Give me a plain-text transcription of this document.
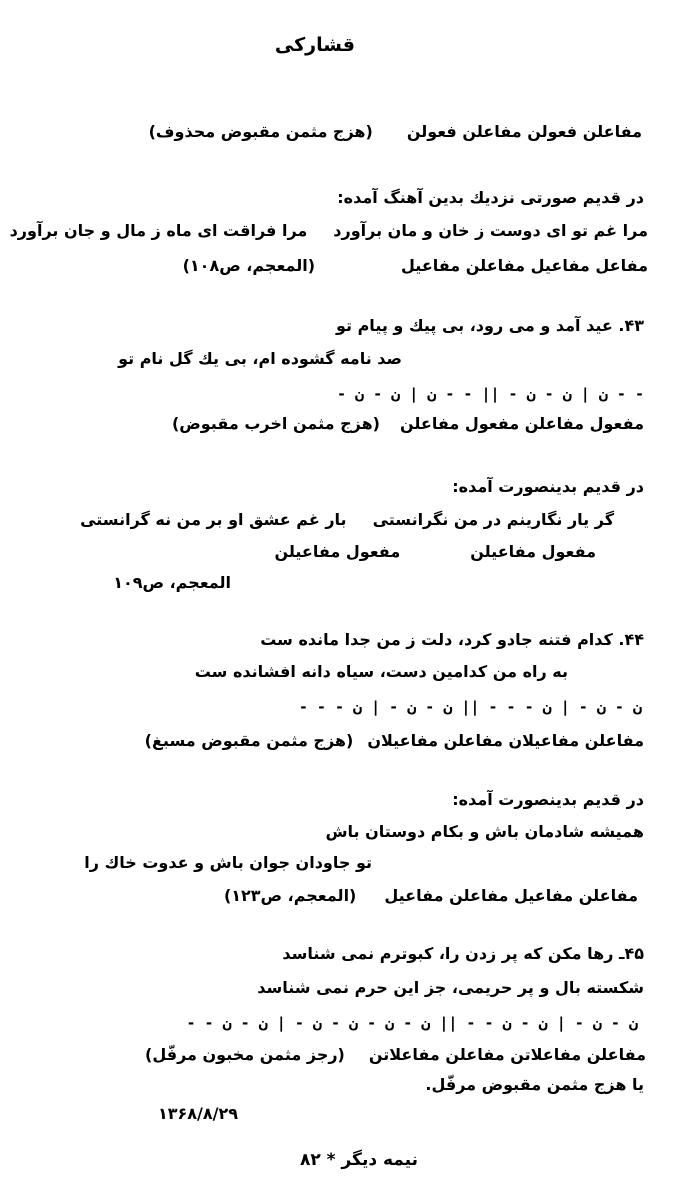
قشارکی
مفاعلن فعولن مفاعلن فعولن(هزج مثمن مقبوض محذوف)
در قدیم صورتی نزدیك بدین آهنگ آمده:
مرا غم تو ای دوست ز خان و مان برآوردمرا فراقت ای ماه ز مال و جان برآورد
مفاعل مفاعیل مفاعلن مفاعیل(المعجم، ص۱۰۸)
۴۳. عید آمد و می رود، بی پیك و پیام تو
صد نامه گشوده ام، بی یك گل نام تو
- - ن | ن - ن - || - - ن | ن - ن -
مفعول مفاعلن مفعول مفاعلن(هزج مثمن اخرب مقبوض)
در قدیم بدینصورت آمده:
گر یار نگارینم در من نگرانستیبار غم عشق او بر من نه گرانستی
مفعول مفاعیلنمفعول مفاعیلن
المعجم، ص۱۰۹
۴۴. کدام فتنه جادو کرد، دلت ز من جدا مانده ست
به راه من کدامین دست، سیاه دانه افشانده ست
ن - ن - | ن - - - || ن - ن - | ن - - -
مفاعلن مفاعیلان مفاعلن مفاعیلان(هزج مثمن مقبوض مسبغ)
در قدیم بدینصورت آمده:
همیشه شادمان باش و بکام دوستان باش
تو جاودان جوان باش و عدوت خاك را
مفاعلن مفاعیل مفاعلن مفاعیل(المعجم، ص۱۲۳)
۴۵ـ رها مکن که پر زدن را، کبوترم نمی شناسد
شکسته بال و پر حریمی، جز این حرم نمی شناسد
ن - ن - | ن - ن - - || ن - ن - ن - ن - | ن - ن - -
مفاعلن مفاعلاتن مفاعلن مفاعلاتن(رجز مثمن مخبون مرفّل)
یا هزج مثمن مقبوض مرفّل.
۱۳۶۸/۸/۲۹
نیمه دیگر * ۸۲
